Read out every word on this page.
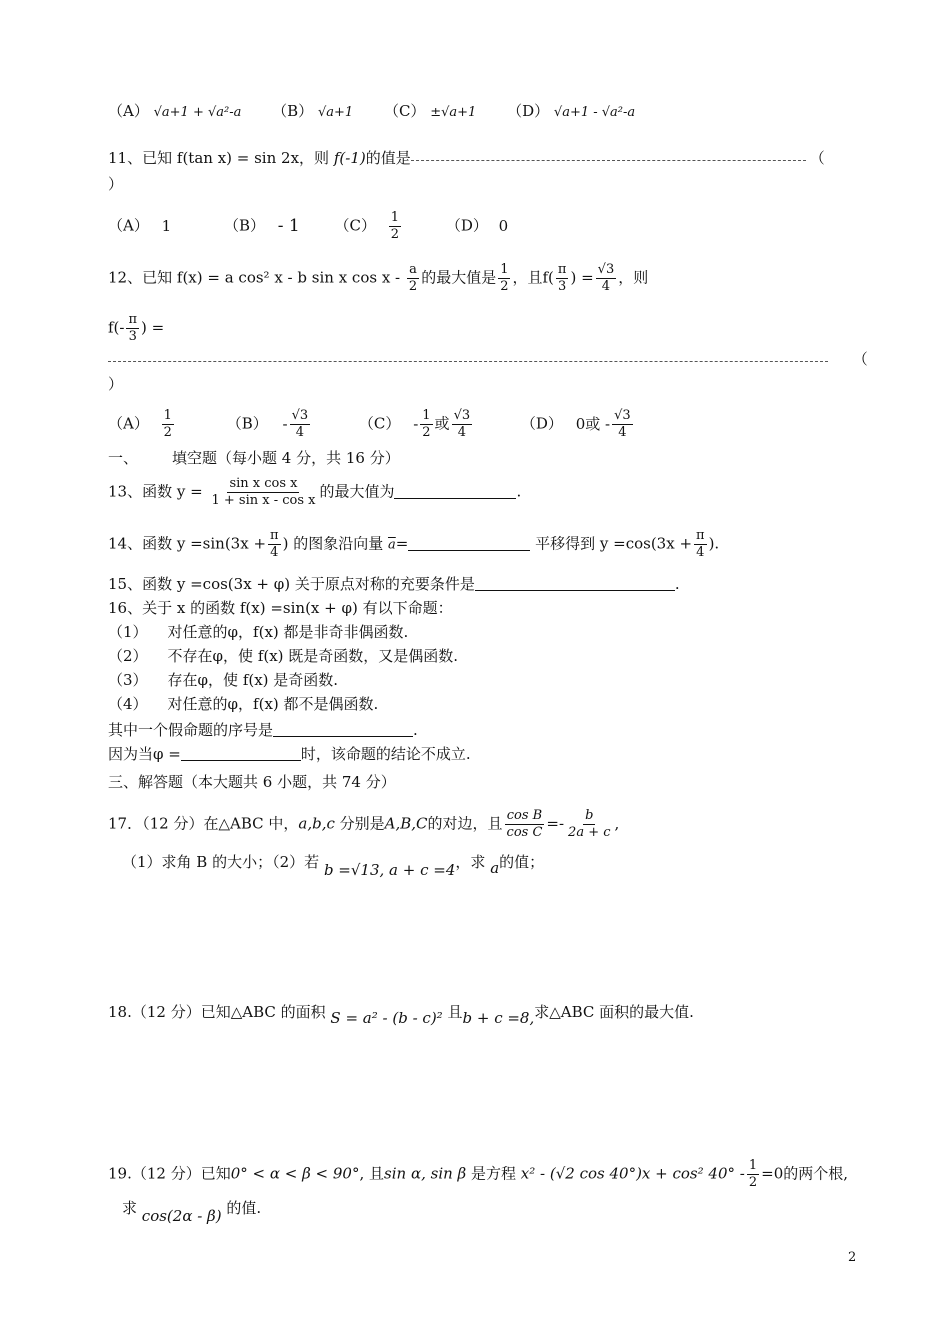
（A） √a+1 + √a²-a （B） √a+1 （C） ±√a+1 （D） √a+1 - √a²-a
11、已知 f(tan x) = sin 2x，则 f(-1)的值是	（
）
（A） 1	（B） - 1 $(C) \frac{1}{2}$	（D） 0
12、已知 f(x) = a cos² x - b sin x cos x - $\frac{a}{2}$ 的最大值是 $\frac{1}{2}$ ，且$f( \frac{\pi}{3}$ ) = $\frac{√3}{4}$ ，则
$f(- \frac{\pi}{3}$ ) =
（
）
$(A) \frac{1}{2}$	$(B) - \frac{√3}{4}$	$(C) - \frac{1}{2}$ 或 $\frac{√3}{4}$	（D） 0或 - $\frac{√3}{4}$
一、 填空题（每小题 4 分，共 16 分）
13、函数 $y = \frac{\text{sin x cos x}}{\text{1 + sin x - cos x}}$ 的最大值为	.
14、函数 $y =\sin(3x + \frac{\pi}{4}$ ) 的图象沿向量 $\overline{a}=$	平移得到 $y =\cos(3x + \frac{\pi}{4}$ ).
15、函数 y =cos(3x + φ) 关于原点对称的充要条件是	.
16、关于 x 的函数 f(x) =sin(x + φ) 有以下命题：
（1） 对任意的φ，f(x) 都是非奇非偶函数.
（2） 不存在φ，使 f(x) 既是奇函数，又是偶函数.
（3） 存在φ，使 f(x) 是奇函数.
（4） 对任意的φ，f(x) 都不是偶函数.
其中一个假命题的序号是	.
因为当φ =	时，该命题的结论不成立.
三、解答题（本大题共 6 小题，共 74 分）
17．（12 分）在△ABC 中，a,b,c 分别是A,B,C的对边，且 $\frac{\text{cos B}}{\text{cos C}} =- \frac{b}{2a + c}$ ,
（1）求角 B 的大小；（2）若 b =√13, a + c =4，求 a的值；
18.（12 分）已知△ABC 的面积 S = a² - (b - c)² 且b + c =8,求△ABC 面积的最大值.
19.（12 分）已知0° < α < β < 90°, 且sin α, sin β 是方程 x² - (√2 cos 40°)x + cos² $40^\circ - \frac{1}{2} =0$的两个根,
求 cos(2α - β) 的值.
2
